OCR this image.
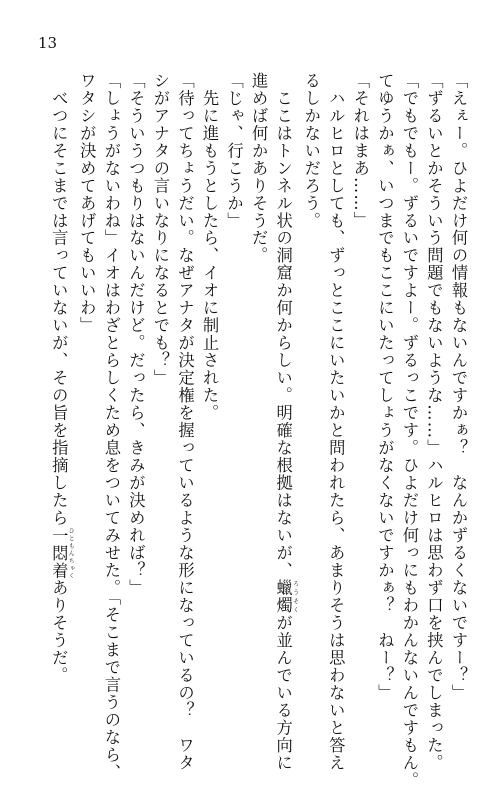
13

「えぇー。ひよだけ何の情報もないんですかぁ？　なんかずるくないですー？」

「ずるいとかそういう問題でもないような……」ハルヒロは思わず口を挟んでしまった。

「でもでもー。ずるいですよー。ずるっこです。ひよだけ何っにもわかんないんですもん。

てゆうかぁ、いつまでもここにいたってしょうがなくないですかぁ？　ねー？」

「それはまあ……」

　ハルヒロとしても、ずっとここにいたいかと問われたら、あまりそうは思わないと答え

るしかないだろう。

　ここはトンネル状の洞窟か何からしい。明確な根拠はないが、蠟燭 ろうそくが並んでいる方向に

進めば何かありそうだ。

「じゃ、行こうか」

　先に進もうとしたら、イオに制止された。

「待ってちょうだい。なぜアナタが決定権を握っているような形になっているの？　ワタ

シがアナタの言いなりになるとでも？」

「そういうつもりはないんだけど。だったら、きみが決めれば？」

「しょうがないわね」イオはわざとらしくため息をついてみせた。「そこまで言うのなら、

ワタシが決めてあげてもいいわ」

　べつにそこまでは言っていないが、その旨を指摘したら一悶着 ひともんちゃくありそうだ。
